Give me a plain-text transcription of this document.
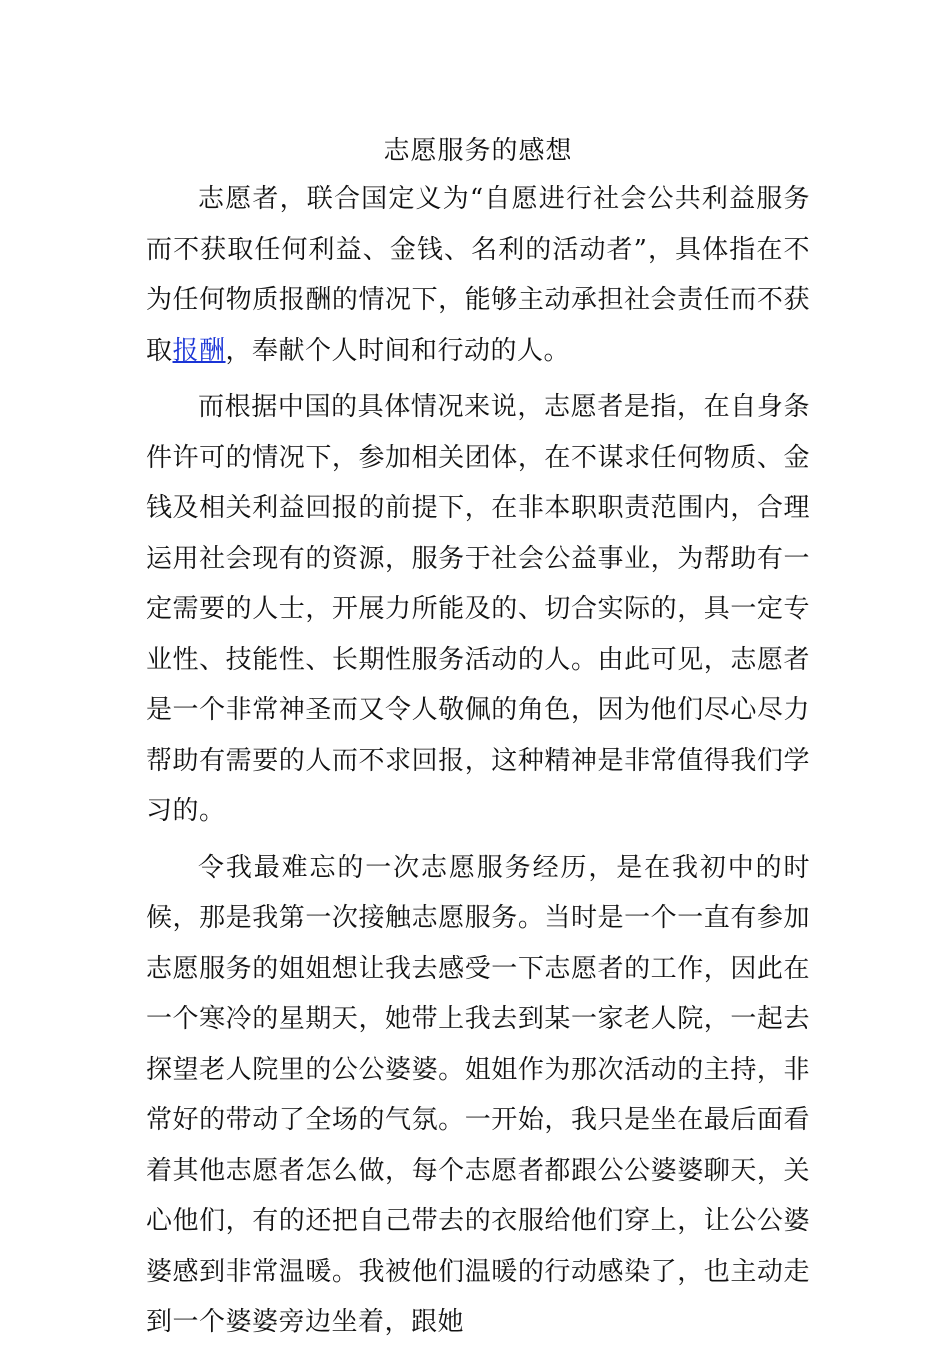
志愿服务的感想

志愿者，联合国定义为“自愿进行社会公共利益服务而不获取任何利益、金钱、名利的活动者”，具体指在不为任何物质报酬的情况下，能够主动承担社会责任而不获取报酬，奉献个人时间和行动的人。

而根据中国的具体情况来说，志愿者是指，在自身条件许可的情况下，参加相关团体，在不谋求任何物质、金钱及相关利益回报的前提下，在非本职职责范围内，合理运用社会现有的资源，服务于社会公益事业，为帮助有一定需要的人士，开展力所能及的、切合实际的，具一定专业性、技能性、长期性服务活动的人。由此可见，志愿者是一个非常神圣而又令人敬佩的角色，因为他们尽心尽力帮助有需要的人而不求回报，这种精神是非常值得我们学习的。

令我最难忘的一次志愿服务经历，是在我初中的时候，那是我第一次接触志愿服务。当时是一个一直有参加志愿服务的姐姐想让我去感受一下志愿者的工作，因此在一个寒冷的星期天，她带上我去到某一家老人院，一起去探望老人院里的公公婆婆。姐姐作为那次活动的主持，非常好的带动了全场的气氛。一开始，我只是坐在最后面看着其他志愿者怎么做，每个志愿者都跟公公婆婆聊天，关心他们，有的还把自己带去的衣服给他们穿上，让公公婆婆感到非常温暖。我被他们温暖的行动感染了，也主动走到一个婆婆旁边坐着，跟她
